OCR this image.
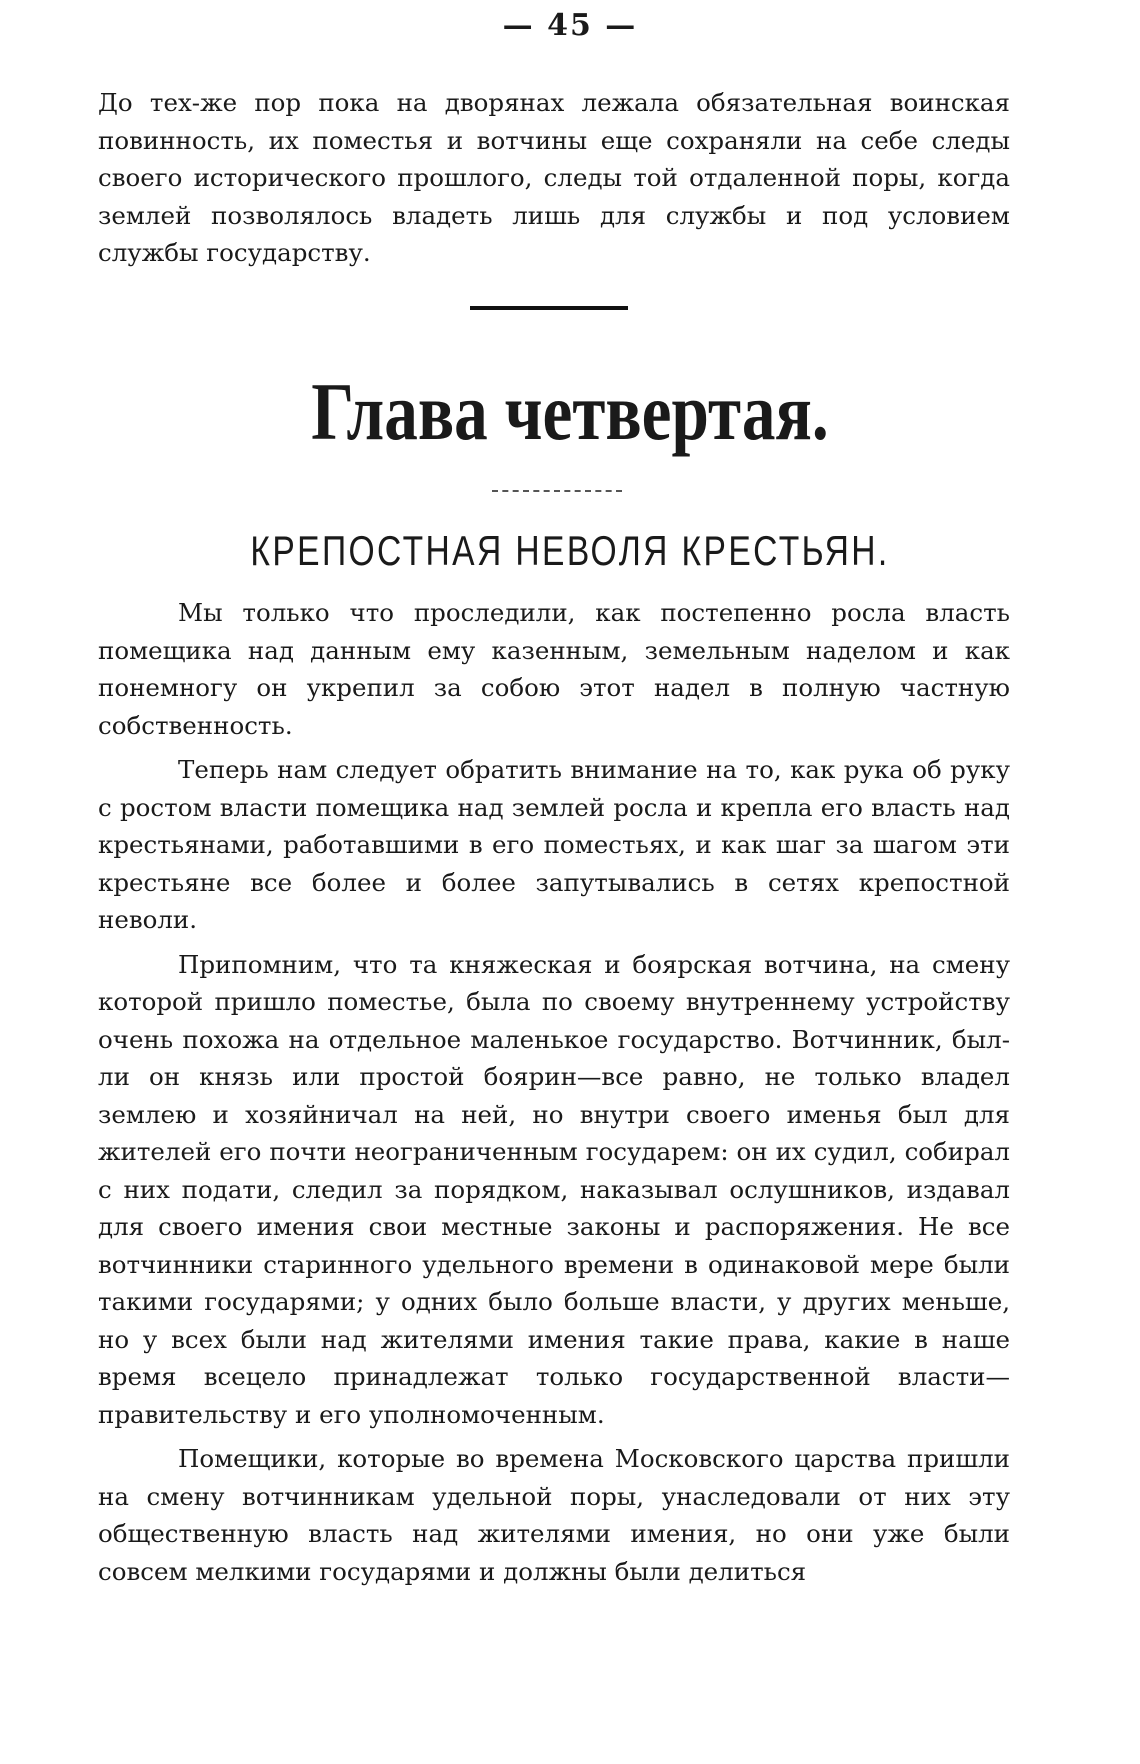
— 45 —

До тех-же пор пока на дворянах лежала обязательная воинская повинность, их поместья и вотчины еще сохраняли на себе следы своего исторического прошлого, следы той отдаленной поры, когда землей позволялось владеть лишь для службы и под условием службы государству.

Глава четвертая.
КРЕПОСТНАЯ НЕВОЛЯ КРЕСТЬЯН.

Мы только что проследили, как постепенно росла власть помещика над данным ему казенным, земельным наделом и как понемногу он укрепил за собою этот надел в полную частную собственность.

Теперь нам следует обратить внимание на то, как рука об руку с ростом власти помещика над землей росла и крепла его власть над крестьянами, работавшими в его поместьях, и как шаг за шагом эти крестьяне все более и более запутывались в сетях крепостной неволи.

Припомним, что та княжеская и боярская вотчина, на смену которой пришло поместье, была по своему внутреннему устройству очень похожа на отдельное маленькое государство. Вотчинник, был-ли он князь или простой боярин—все равно, не только владел землею и хозяйничал на ней, но внутри своего именья был для жителей его почти неограниченным государем: он их судил, собирал с них подати, следил за порядком, наказывал ослушников, издавал для своего имения свои местные законы и распоряжения. Не все вотчинники старинного удельного времени в одинаковой мере были такими государями; у одних было больше власти, у других меньше, но у всех были над жителями имения такие права, какие в наше время всецело принадлежат только государственной власти—правительству и его уполномоченным.

Помещики, которые во времена Московского царства пришли на смену вотчинникам удельной поры, унаследовали от них эту общественную власть над жителями имения, но они уже были совсем мелкими государями и должны были делиться
